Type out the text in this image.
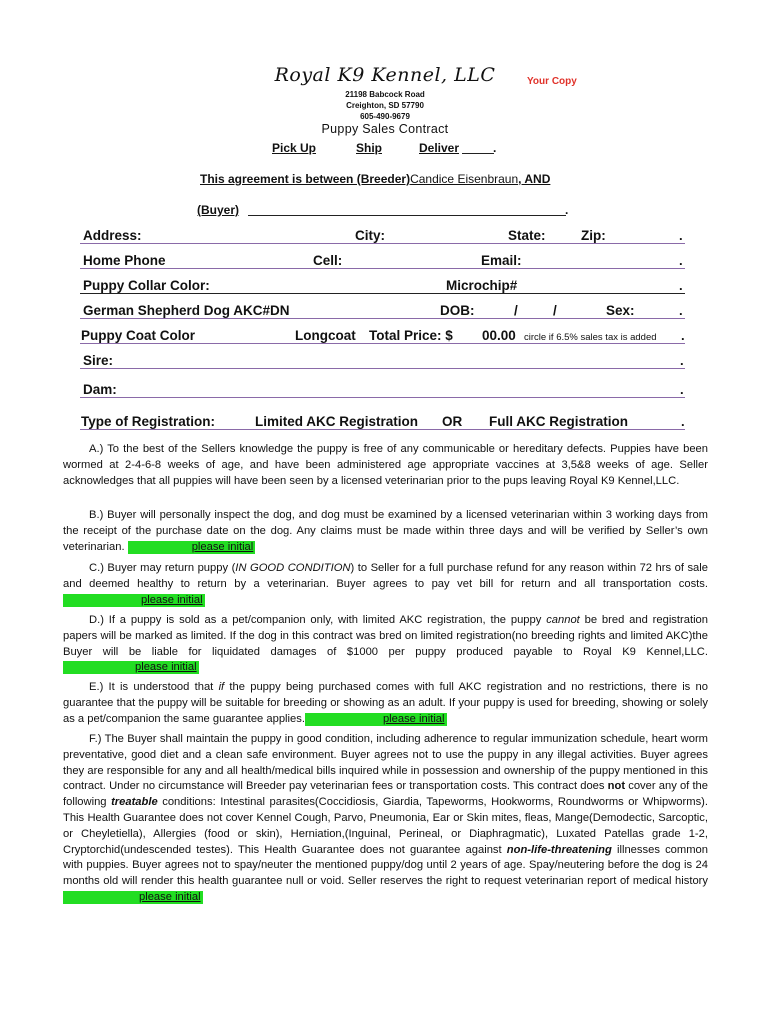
Royal K9 Kennel, LLC
21198 Babcock Road
Creighton, SD 57790
605-490-9679
Your Copy
Puppy Sales Contract
Pick Up	Ship	Deliver	.
This agreement is between (Breeder)Candice Eisenbraun, AND
(Buyer)	.
Address:	City:	State:	Zip:	.
Home Phone	Cell:	Email:	.
Puppy Collar Color:	Microchip#	.
German Shepherd Dog AKC#DN	DOB:	/	/	Sex:	.
Puppy Coat Color	Longcoat Total Price: $ 00.00 circle if 6.5% sales tax is added .
Sire:	.
Dam:	.
Type of Registration:	Limited AKC Registration OR Full AKC Registration	.

A.) To the best of the Sellers knowledge the puppy is free of any communicable or hereditary defects. Puppies have been wormed at 2-4-6-8 weeks of age, and have been administered age appropriate vaccines at 3,5&8 weeks of age. Seller acknowledges that all puppies will have been seen by a licensed veterinarian prior to the pups leaving Royal K9 Kennel,LLC.

B.) Buyer will personally inspect the dog, and dog must be examined by a licensed veterinarian within 3 working days from the receipt of the purchase date on the dog. Any claims must be made within three days and will be verified by Seller’s own veterinarian.	please initial

C.) Buyer may return puppy (IN GOOD CONDITION) to Seller for a full purchase refund for any reason within 72 hrs of sale and deemed healthy to return by a veterinarian. Buyer agrees to pay vet bill for return and all transportation costs.please initial

D.) If a puppy is sold as a pet/companion only, with limited AKC registration, the puppy cannot be bred and registration papers will be marked as limited. If the dog in this contract was bred on limited registration(no breeding rights and limited AKC)the Buyer will be liable for liquidated damages of $1000 per puppy produced payable to Royal K9 Kennel,LLC.please initial

E.) It is understood that if the puppy being purchased comes with full AKC registration and no restrictions, there is no guarantee that the puppy will be suitable for breeding or showing as an adult. If your puppy is used for breeding, showing or solely as a pet/companion the same guarantee applies.	please initial

F.) The Buyer shall maintain the puppy in good condition, including adherence to regular immunization schedule, heart worm preventative, good diet and a clean safe environment. Buyer agrees not to use the puppy in any illegal activities. Buyer agrees they are responsible for any and all health/medical bills inquired while in possession and ownership of the puppy mentioned in this contract. Under no circumstance will Breeder pay veterinarian fees or transportation costs. This contract does not cover any of the following treatable conditions: Intestinal parasites(Coccidiosis, Giardia, Tapeworms, Hookworms, Roundworms or Whipworms). This Health Guarantee does not cover Kennel Cough, Parvo, Pneumonia, Ear or Skin mites, fleas, Mange(Demodectic, Sarcoptic, or Cheyletiella), Allergies (food or skin), Herniation,(Inguinal, Perineal, or Diaphragmatic), Luxated Patellas grade 1-2, Cryptorchid(undescended testes). This Health Guarantee does not guarantee against non-life-threatening illnesses common with puppies. Buyer agrees not to spay/neuter the mentioned puppy/dog until 2 years of age. Spay/neutering before the dog is 24 months old will render this health guarantee null or void. Seller reserves the right to request veterinarian report of medical history please initial
